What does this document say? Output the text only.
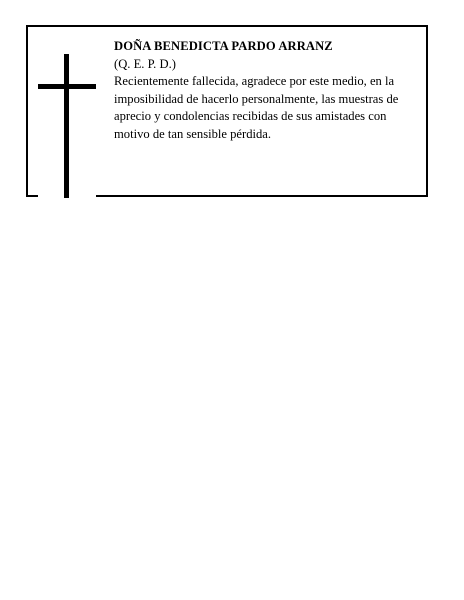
DOÑA BENEDICTA PARDO ARRANZ

(Q. E. P. D.)

Recientemente fallecida, agradece por este medio, en la imposibilidad de hacerlo personalmente, las muestras de aprecio y condolencias recibidas de sus amistades con motivo de tan sensible pérdida.
